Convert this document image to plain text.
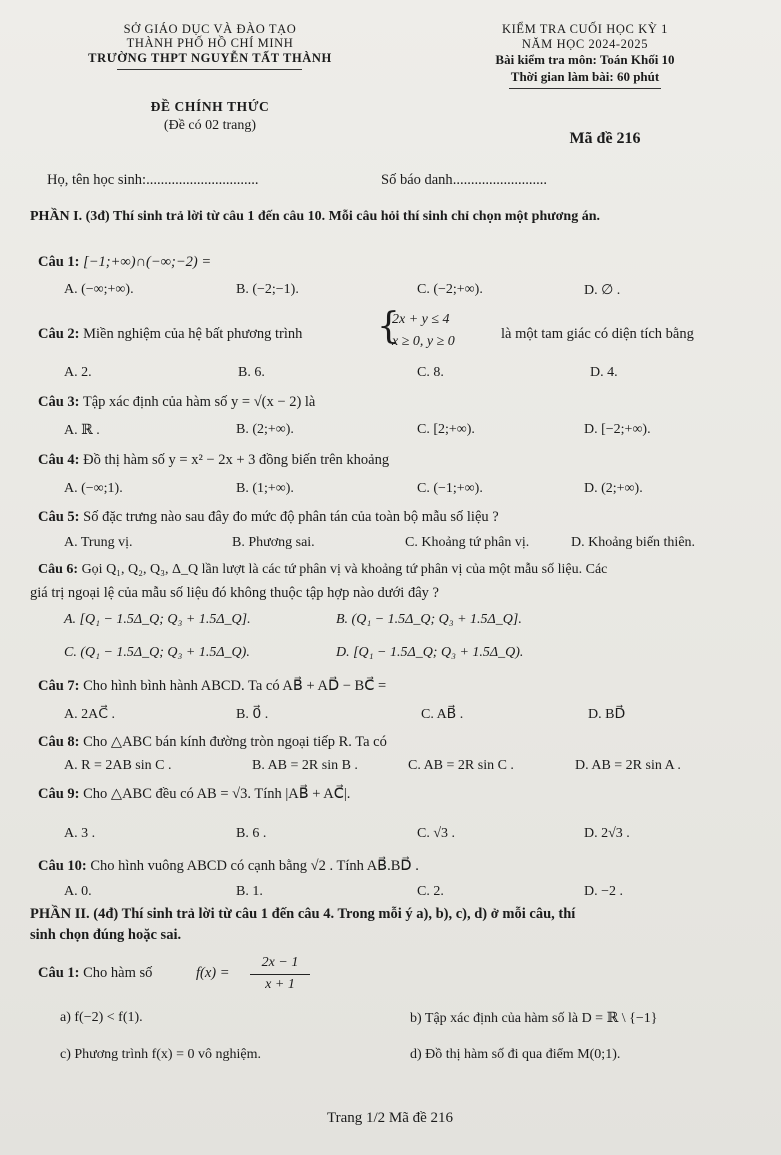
SỞ GIÁO DỤC VÀ ĐÀO TẠO
THÀNH PHỐ HỒ CHÍ MINH
TRƯỜNG THPT NGUYỄN TẤT THÀNH
ĐỀ CHÍNH THỨC
(Đề có 02 trang)
KIỂM TRA CUỐI HỌC KỲ 1
NĂM HỌC 2024-2025
Bài kiểm tra môn: Toán Khối 10
Thời gian làm bài: 60 phút
Mã đề 216
Họ, tên học sinh:...............................	Số báo danh..........................
PHẦN I. (3đ) Thí sinh trả lời từ câu 1 đến câu 10. Mỗi câu hỏi thí sinh chỉ chọn một phương án.
Câu 1: [−1;+∞)∩(−∞;−2) =
A. (−∞;+∞).	B. (−2;−1).	C. (−2;+∞).	D. ∅ .
Câu 2: Miền nghiệm của hệ bất phương trình {
2x + y ≤ 4
x ≥ 0, y ≥ 0	là một tam giác có diện tích bằng
A. 2.	B. 6.	C. 8.	D. 4.
Câu 3: Tập xác định của hàm số y = √(x − 2) là
A. ℝ .	B. (2;+∞).	C. [2;+∞).	D. [−2;+∞).
Câu 4: Đồ thị hàm số y = x² − 2x + 3 đồng biến trên khoảng
A. (−∞;1).	B. (1;+∞).	C. (−1;+∞).	D. (2;+∞).
Câu 5: Số đặc trưng nào sau đây đo mức độ phân tán của toàn bộ mẫu số liệu ?
A. Trung vị.	B. Phương sai.	C. Khoảng tứ phân vị.	D. Khoảng biến thiên.
Câu 6: Gọi Q₁, Q₂, Q₃, Δ_Q lần lượt là các tứ phân vị và khoảng tứ phân vị của một mẫu số liệu. Các
giá trị ngoại lệ của mẫu số liệu đó không thuộc tập hợp nào dưới đây ?
A. [Q₁ − 1.5Δ_Q; Q₃ + 1.5Δ_Q].	B. (Q₁ − 1.5Δ_Q; Q₃ + 1.5Δ_Q].
C. (Q₁ − 1.5Δ_Q; Q₃ + 1.5Δ_Q).	D. [Q₁ − 1.5Δ_Q; Q₃ + 1.5Δ_Q).
Câu 7: Cho hình bình hành ABCD. Ta có AB⃗ + AD⃗ − BC⃗ =
A. 2AC⃗ .	B. 0⃗ .	C. AB⃗ .	D. BD⃗
Câu 8: Cho △ABC bán kính đường tròn ngoại tiếp R. Ta có
A. R = 2AB sin C .	B. AB = 2R sin B .	C. AB = 2R sin C .	D. AB = 2R sin A .
Câu 9: Cho △ABC đều có AB = √3. Tính |AB⃗ + AC⃗|.
A. 3 .	B. 6 .	C. √3 .	D. 2√3 .
Câu 10: Cho hình vuông ABCD có cạnh bằng √2 . Tính AB⃗.BD⃗ .
A. 0.	B. 1.	C. 2.	D. −2 .
PHẦN II. (4đ) Thí sinh trả lời từ câu 1 đến câu 4. Trong mỗi ý a), b), c), d) ở mỗi câu, thí
sinh chọn đúng hoặc sai.
Câu 1: Cho hàm số	f(x) =
2x − 1
x + 1
a) f(−2) < f(1).	b) Tập xác định của hàm số là D = ℝ \ {−1}
c) Phương trình f(x) = 0 vô nghiệm.	d) Đồ thị hàm số đi qua điểm M(0;1).
Trang 1/2 Mã đề 216
